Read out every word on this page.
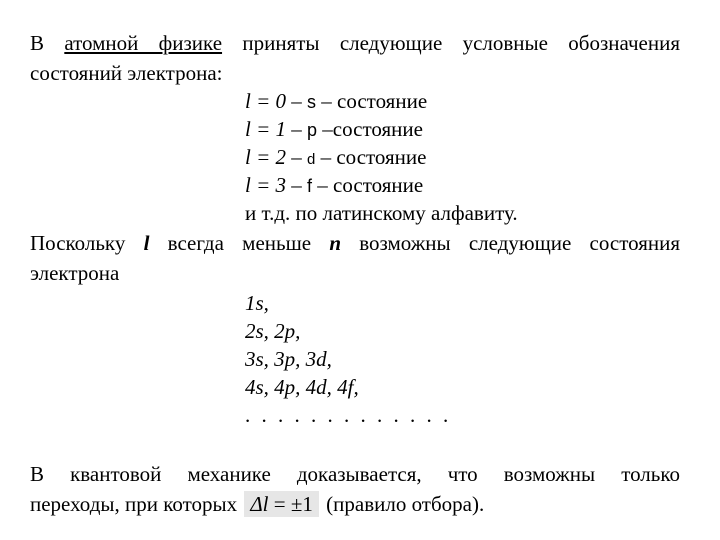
В атомной физике приняты следующие условные обозначения
состояний электрона:
l = 0 – s – состояние
l = 1 – p –состояние
l = 2 – d – состояние
l = 3 – f – состояние
и т.д. по латинскому алфавиту.
Поскольку l всегда меньше n возможны следующие состояния
электрона
1s,
2s, 2p,
3s, 3p, 3d,
4s, 4p, 4d, 4f,
. . . . . . . . . . . . .
В квантовой механике доказывается, что возможны только
переходы, при которых Δl = ±1 (правило отбора).
